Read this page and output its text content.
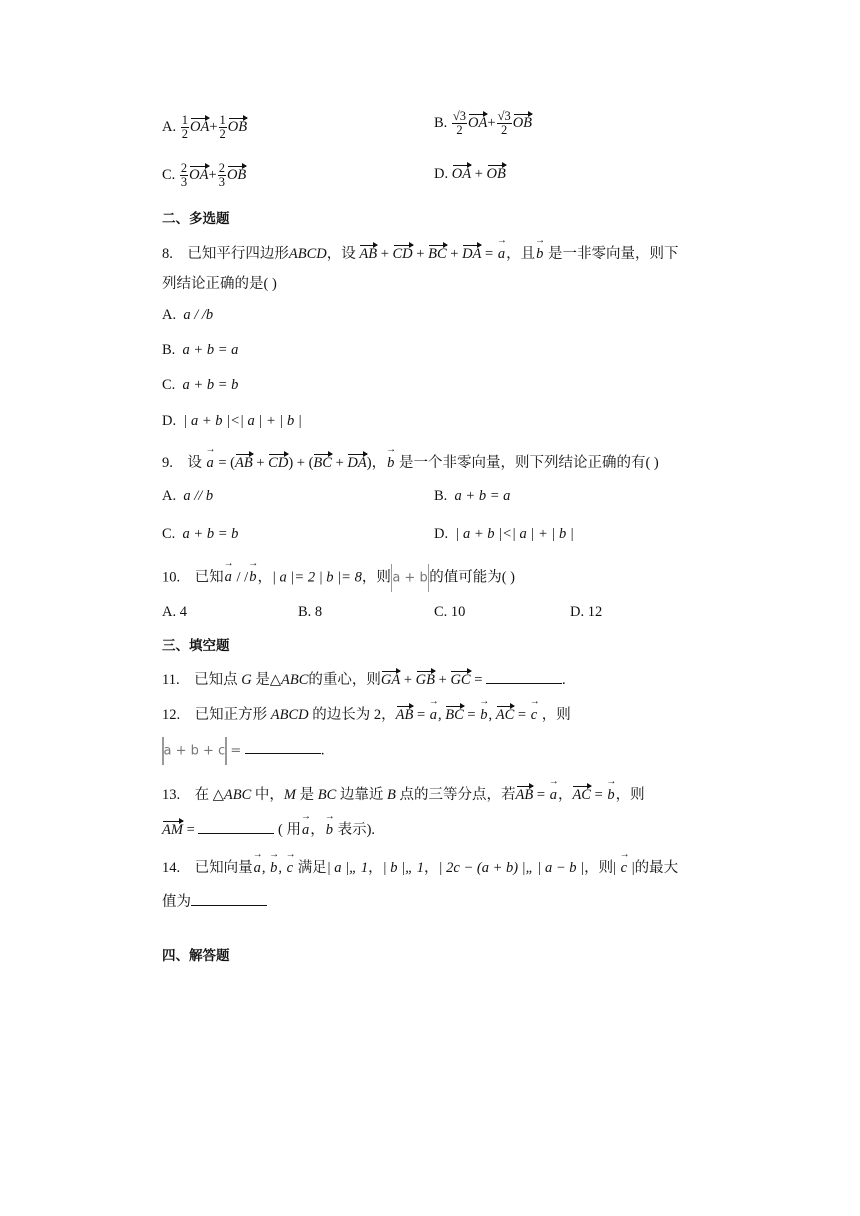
A. $\frac{1}{2} OA+ \frac{1}{2}$ OB	B. $\frac{√3}{2} OA+ \frac{√3}{2}$ OB
C. $\frac{2}{3} OA+ \frac{2}{3}$ OB	D. OA + OB
二、多选题
8. 已知平行四边形ABCD，设 AB + CD + BC + DA = → a，且→ b 是一非零向量，则下
列结论正确的是( )
A. a / /b
B. a + b = a
C. a + b = b
D. | a + b |<| a | + | b |
9. 设 → a = (AB + CD) + (BC + DA)，→ b 是一个非零向量，则下列结论正确的有( )
A. a // b	B. a + b = a
C. a + b = b	D. | a + b |<| a | + | b |
10. 已知→ a / /→ b，| a |= 2 | b |= 8，则 a + b 的值可能为( )
A. 4	B. 8	C. 10	D. 12
三、填空题
11. 已知点 G 是△ABC的重心，则GA + GB + GC =	.
12. 已知正方形 ABCD 的边长为 2，AB = → a, BC = → b, AC = → c ，则
a + b + c =	.
13. 在 △ABC 中，M 是 BC 边靠近 B 点的三等分点，若AB = → a，AC = → b，则
AM =	( 用→ a，→ b 表示).
14. 已知向量→ a, → b, → c 满足| a |„ 1，| b |„ 1，| 2c − (a + b) |„ | a − b |，则| → c |的最大
值为
四、解答题
